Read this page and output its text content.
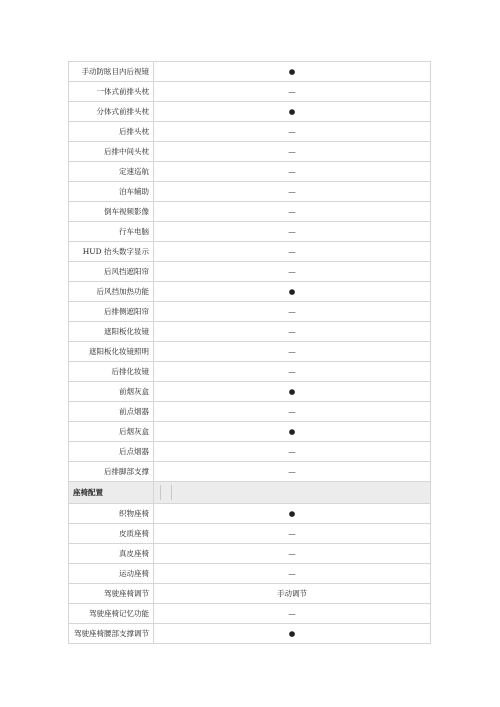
手动防眩目内后视镜	●
一体式前排头枕	—
分体式前排头枕	●
后排头枕	—
后排中间头枕	—
定速巡航	—
泊车辅助	—
倒车视频影像	—
行车电脑	—
HUD 抬头数字显示	—
后风挡遮阳帘	—
后风挡加热功能	●
后排侧遮阳帘	—
遮阳板化妆镜	—
遮阳板化妆镜照明	—
后排化妆镜	—
前烟灰盒	●
前点烟器	—
后烟灰盒	●
后点烟器	—
后排脚部支撑	—
座椅配置	

织物座椅	●
皮质座椅	—
真皮座椅	—
运动座椅	—
驾驶座椅调节	手动调节
驾驶座椅记忆功能	—
驾驶座椅腰部支撑调节	●
